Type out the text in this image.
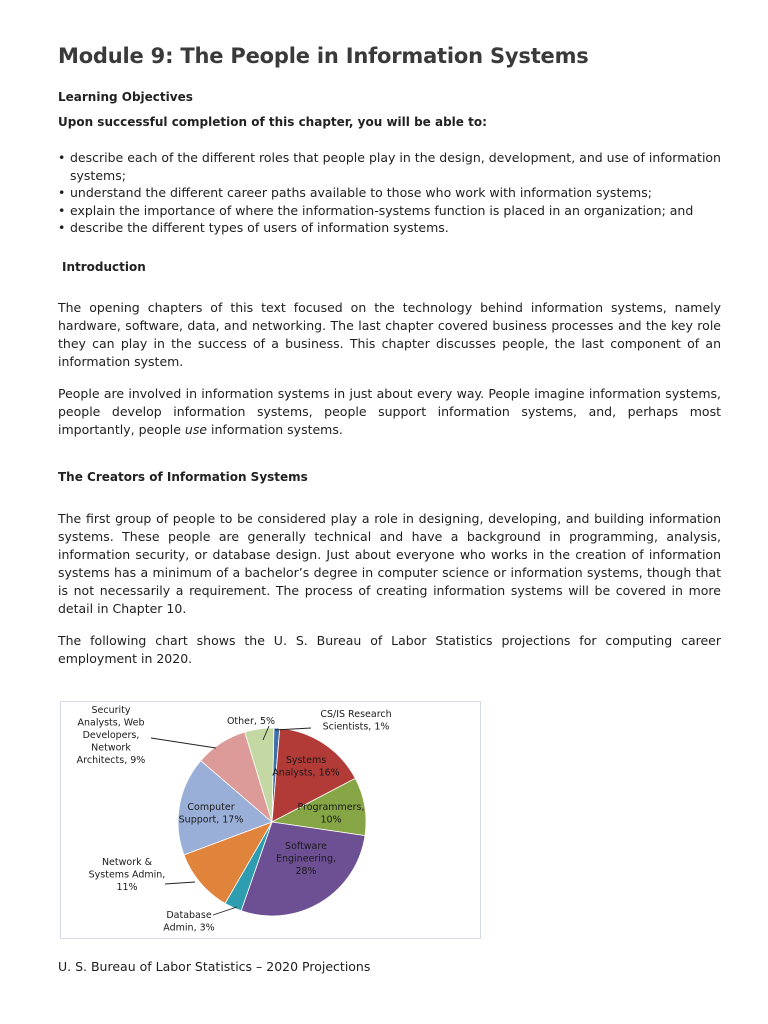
Module 9: The People in Information Systems
Learning Objectives
Upon successful completion of this chapter, you will be able to:
• describe each of the different roles that people play in the design, development, and use of information systems;
• understand the different career paths available to those who work with information systems;
• explain the importance of where the information-systems function is placed in an organization; and
• describe the different types of users of information systems.
Introduction
The opening chapters of this text focused on the technology behind information systems, namely hardware, software, data, and networking. The last chapter covered business processes and the key role they can play in the success of a business. This chapter discusses people, the last component of an information system.
People are involved in information systems in just about every way. People imagine information systems, people develop information systems, people support information systems, and, perhaps most importantly, people use information systems.
The Creators of Information Systems
The first group of people to be considered play a role in designing, developing, and building information systems. These people are generally technical and have a background in programming, analysis, information security, or database design. Just about everyone who works in the creation of information systems has a minimum of a bachelor’s degree in computer science or information systems, though that is not necessarily a requirement. The process of creating information systems will be covered in more detail in Chapter 10.
The following chart shows the U. S. Bureau of Labor Statistics projections for computing career employment in 2020.
CS/IS Research Scientists, 1%
Systems Analysts, 16%
Programmers, 10%
Software Engineering, 28%
Database Admin, 3%
Network & Systems Admin, 11%
Computer Support, 17%
Security Analysts, Web Developers, Network Architects, 9%
Other, 5%
U. S. Bureau of Labor Statistics – 2020 Projections
